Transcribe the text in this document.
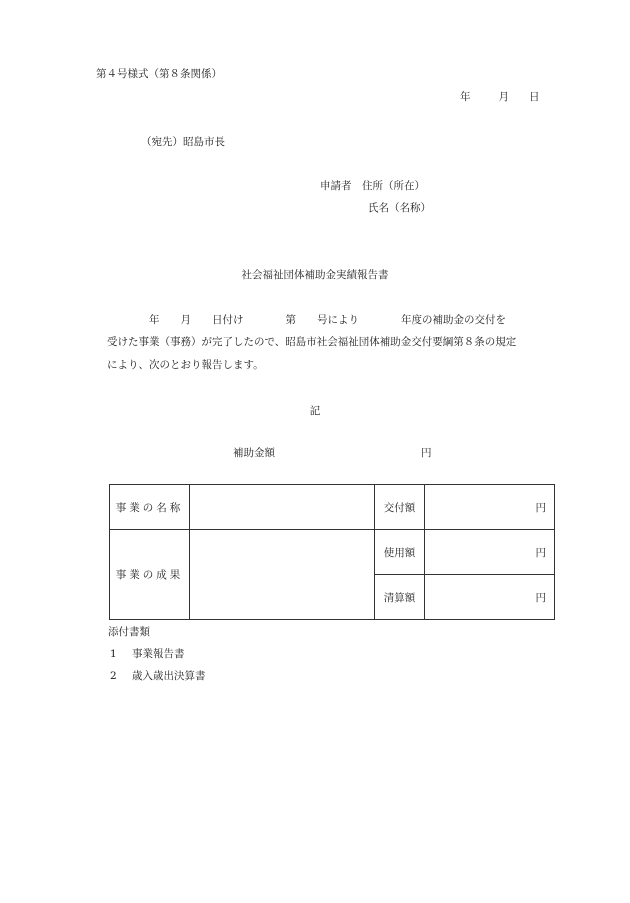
第４号様式（第８条関係）
年	月 日
（宛先）昭島市長
申請者　住所（所在）
氏名（名称）
社会福祉団体補助金実績報告書
　　　　年　　月　　日付け　　　　第　　号により　　　　年度の補助金の交付を
受けた事業（事務）が完了したので、昭島市社会福祉団体補助金交付要綱第８条の規定
により、次のとおり報告します。
記
補助金額	円
事業の名称		交付額	円
事業の成果		使用額	円
		清算額	円
添付書類
1 事業報告書
2 歳入歳出決算書
